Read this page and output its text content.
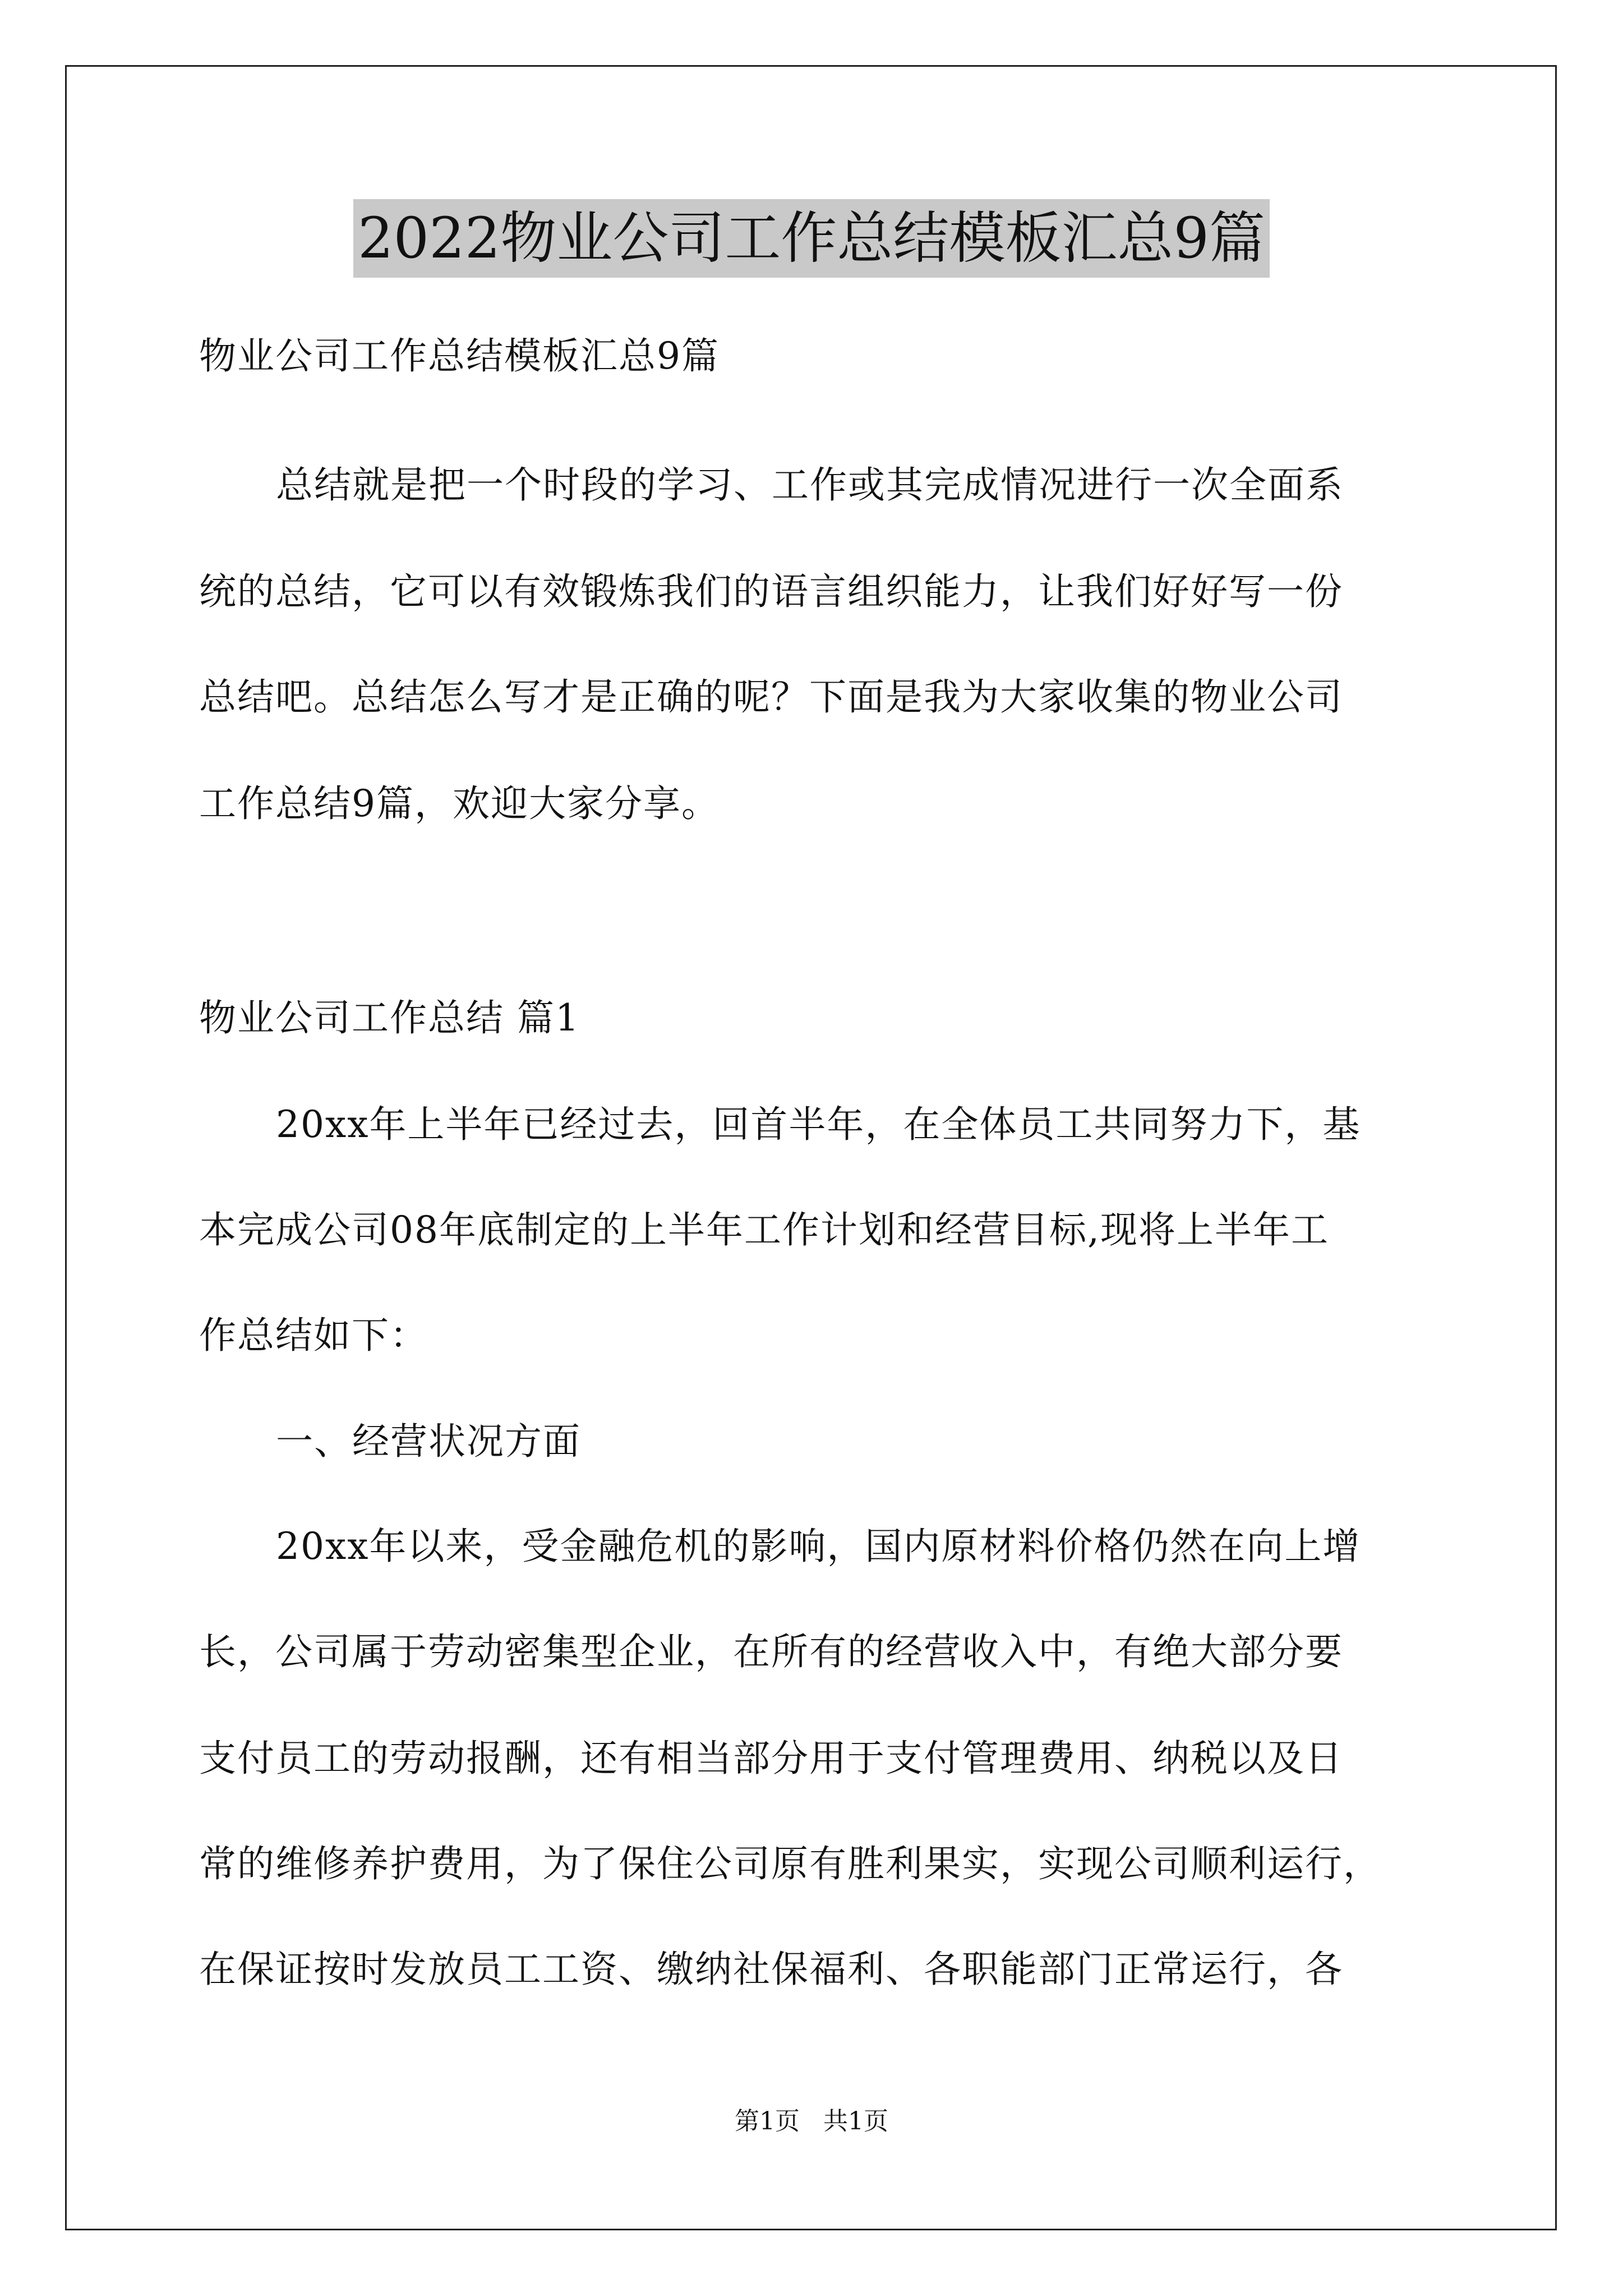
2022物业公司工作总结模板汇总9篇
物业公司工作总结模板汇总9篇
总结就是把一个时段的学习、工作或其完成情况进行一次全面系
统的总结，它可以有效锻炼我们的语言组织能力，让我们好好写一份
总结吧。总结怎么写才是正确的呢？下面是我为大家收集的物业公司
工作总结9篇，欢迎大家分享。
物业公司工作总结 篇1
20xx年上半年已经过去，回首半年，在全体员工共同努力下，基
本完成公司08年底制定的上半年工作计划和经营目标,现将上半年工
作总结如下：
一、经营状况方面
20xx年以来，受金融危机的影响，国内原材料价格仍然在向上增
长，公司属于劳动密集型企业，在所有的经营收入中，有绝大部分要
支付员工的劳动报酬，还有相当部分用于支付管理费用、纳税以及日
常的维修养护费用，为了保住公司原有胜利果实，实现公司顺利运行，
在保证按时发放员工工资、缴纳社保福利、各职能部门正常运行，各
第1页 共1页
